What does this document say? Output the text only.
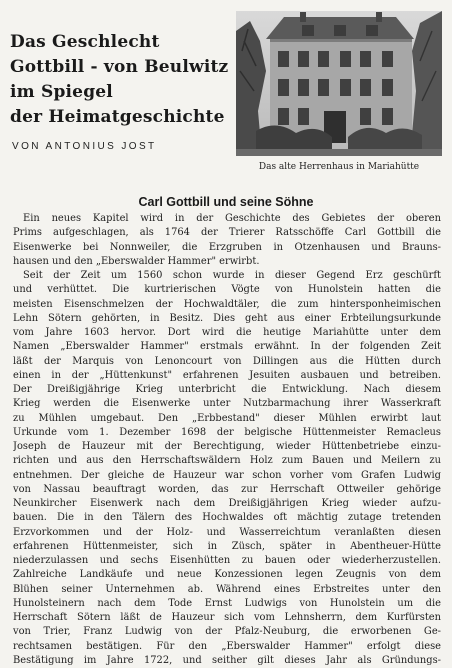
Das Geschlecht
Gottbill - von Beulwitz
im Spiegel
der Heimatgeschichte
VON ANTONIUS JOST
Das alte Herrenhaus in Mariahütte
Carl Gottbill und seine Söhne
Ein neues Kapitel wird in der Geschichte des Gebietes der oberen
Prims aufgeschlagen, als 1764 der Trierer Ratsschöffe Carl Gottbill die
Eisenwerke bei Nonnweiler, die Erzgruben in Otzenhausen und Brauns-
hausen und den „Eberswalder Hammer" erwirbt.
Seit der Zeit um 1560 schon wurde in dieser Gegend Erz geschürft
und verhüttet. Die kurtrierischen Vögte von Hunolstein hatten die
meisten Eisenschmelzen der Hochwaldtäler, die zum hintersponheimischen
Lehn Sötern gehörten, in Besitz. Dies geht aus einer Erbteilungsurkunde
vom Jahre 1603 hervor. Dort wird die heutige Mariahütte unter dem
Namen „Eberswalder Hammer" erstmals erwähnt. In der folgenden Zeit
läßt der Marquis von Lenoncourt von Dillingen aus die Hütten durch
einen in der „Hüttenkunst" erfahrenen Jesuiten ausbauen und betreiben.
Der Dreißigjährige Krieg unterbricht die Entwicklung. Nach diesem
Krieg werden die Eisenwerke unter Nutzbarmachung ihrer Wasserkraft
zu Mühlen umgebaut. Den „Erbbestand" dieser Mühlen erwirbt laut
Urkunde vom 1. Dezember 1698 der belgische Hüttenmeister Remacleus
Joseph de Hauzeur mit der Berechtigung, wieder Hüttenbetriebe einzu-
richten und aus den Herrschaftswäldern Holz zum Bauen und Meilern zu
entnehmen. Der gleiche de Hauzeur war schon vorher vom Grafen Ludwig
von Nassau beauftragt worden, das zur Herrschaft Ottweiler gehörige
Neunkircher Eisenwerk nach dem Dreißigjährigen Krieg wieder aufzu-
bauen. Die in den Tälern des Hochwaldes oft mächtig zutage tretenden
Erzvorkommen und der Holz- und Wasserreichtum veranlaßten diesen
erfahrenen Hüttenmeister, sich in Züsch, später in Abentheuer-Hütte
niederzulassen und sechs Eisenhütten zu bauen oder wiederherzustellen.
Zahlreiche Landkäufe und neue Konzessionen legen Zeugnis von dem
Blühen seiner Unternehmen ab. Während eines Erbstreites unter den
Hunolsteinern nach dem Tode Ernst Ludwigs von Hunolstein um die
Herrschaft Sötern läßt de Hauzeur sich vom Lehnsherrn, dem Kurfürsten
von Trier, Franz Ludwig von der Pfalz-Neuburg, die erworbenen Ge-
rechtsamen bestätigen. Für den „Eberswalder Hammer" erfolgt diese
Bestätigung im Jahre 1722, und seither gilt dieses Jahr als Gründungs-
